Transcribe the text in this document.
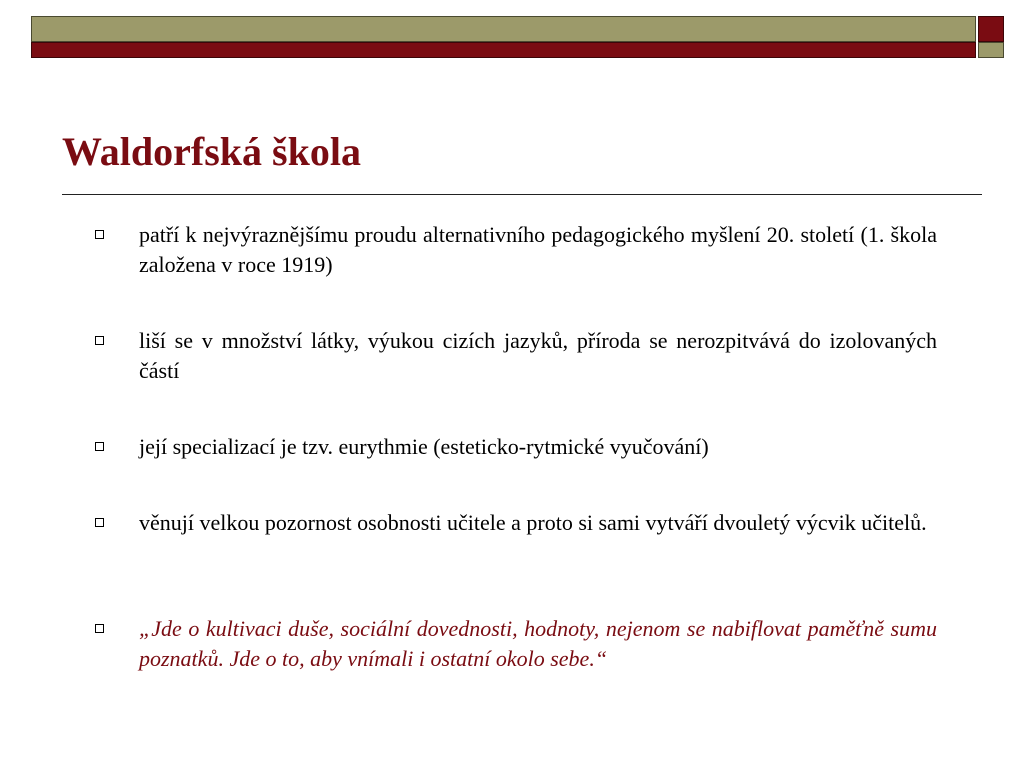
Waldorfská škola
patří k nejvýraznějšímu proudu alternativního pedagogického myšlení 20. století (1. škola založena v roce 1919)
liší se v množství látky, výukou cizích jazyků, příroda se nerozpitvává do izolovaných částí
její specializací je tzv. eurythmie (esteticko-rytmické vyučování)
věnují velkou pozornost osobnosti učitele a proto si sami vytváří dvouletý výcvik učitelů.
„Jde o kultivaci duše, sociální dovednosti, hodnoty, nejenom se nabiflovat paměťně sumu poznatků. Jde o to, aby vnímali i ostatní okolo sebe.“
